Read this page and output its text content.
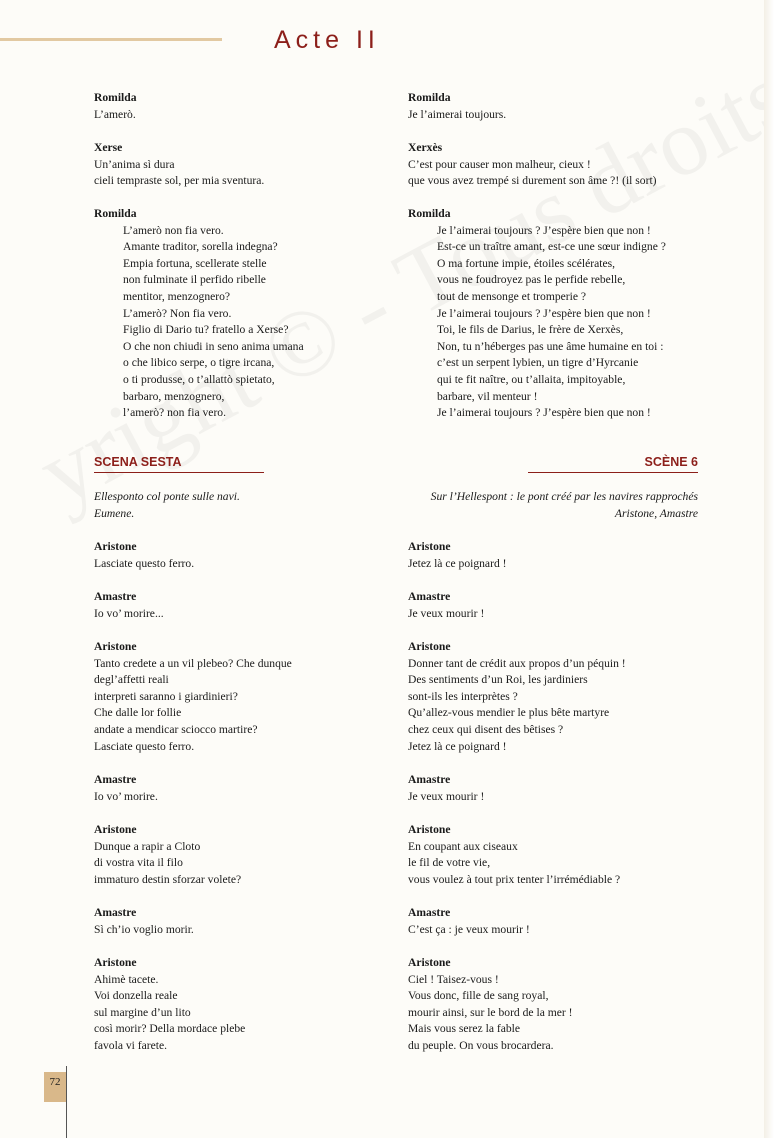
Acte II
Romilda
L’amerò.
Xerse
Un’anima sì dura
cieli tempraste sol, per mia sventura.
Romilda
L’amerò non fia vero.
Amante traditor, sorella indegna?
Empia fortuna, scellerate stelle
non fulminate il perfido ribelle
mentitor, menzognero?
L’amerò? Non fia vero.
Figlio di Dario tu? fratello a Xerse?
O che non chiudi in seno anima umana
o che libico serpe, o tigre ircana,
o ti produsse, o t’allattò spietato,
barbaro, menzognero,
l’amerò? non fia vero.
Aristone
Lasciate questo ferro.
Amastre
Io vo’ morire...
Aristone
Tanto credete a un vil plebeo? Che dunque
degl’affetti reali
interpreti saranno i giardinieri?
Che dalle lor follie
andate a mendicar sciocco martire?
Lasciate questo ferro.
Amastre
Io vo’ morire.
Aristone
Dunque a rapir a Cloto
di vostra vita il filo
immaturo destin sforzar volete?
Amastre
Sì ch’io voglio morir.
Aristone
Ahimè tacete.
Voi donzella reale
sul margine d’un lito
così morir? Della mordace plebe
favola vi farete.
Romilda
Je l’aimerai toujours.
Xerxès
C’est pour causer mon malheur, cieux !
que vous avez trempé si durement son âme ?! (il sort)
Romilda
Je l’aimerai toujours ? J’espère bien que non !
Est-ce un traître amant, est-ce une sœur indigne ?
O ma fortune impie, étoiles scélérates,
vous ne foudroyez pas le perfide rebelle,
tout de mensonge et tromperie ?
Je l’aimerai toujours ? J’espère bien que non !
Toi, le fils de Darius, le frère de Xerxès,
Non, tu n’héberges pas une âme humaine en toi :
c’est un serpent lybien, un tigre d’Hyrcanie
qui te fit naître, ou t’allaita, impitoyable,
barbare, vil menteur !
Je l’aimerai toujours ? J’espère bien que non !
Aristone
Jetez là ce poignard !
Amastre
Je veux mourir !
Aristone
Donner tant de crédit aux propos d’un péquin !
Des sentiments d’un Roi, les jardiniers
sont-ils les interprètes ?
Qu’allez-vous mendier le plus bête martyre
chez ceux qui disent des bêtises ?
Jetez là ce poignard !
Amastre
Je veux mourir !
Aristone
En coupant aux ciseaux
le fil de votre vie,
vous voulez à tout prix tenter l’irrémédiable ?
Amastre
C’est ça : je veux mourir !
Aristone
Ciel ! Taisez-vous !
Vous donc, fille de sang royal,
mourir ainsi, sur le bord de la mer !
Mais vous serez la fable
du peuple. On vous brocardera.
SCENA SESTA	SCÈNE 6
Ellesponto col ponte sulle navi.
Eumene.
Sur l’Hellespont : le pont créé par les navires rapprochés
Aristone, Amastre
72
